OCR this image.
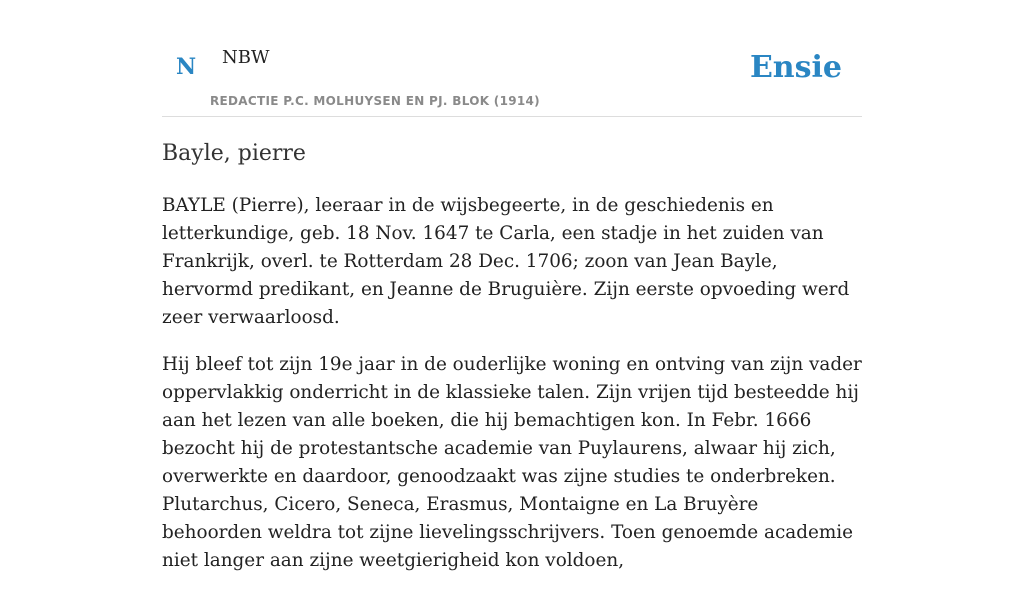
N NBW
REDACTIE P.C. MOLHUYSEN EN PJ. BLOK (1914)
Ensie
Bayle, pierre

BAYLE (Pierre), leeraar in de wijsbegeerte, in de geschiedenis en letterkundige, geb. 18 Nov. 1647 te Carla, een stadje in het zuiden van Frankrijk, overl. te Rotterdam 28 Dec. 1706; zoon van Jean Bayle, hervormd predikant, en Jeanne de Bruguière. Zijn eerste opvoeding werd zeer verwaarloosd.

Hij bleef tot zijn 19e jaar in de ouderlijke woning en ontving van zijn vader oppervlakkig onderricht in de klassieke talen. Zijn vrijen tijd besteedde hij aan het lezen van alle boeken, die hij bemachtigen kon. In Febr. 1666 bezocht hij de protestantsche academie van Puylaurens, alwaar hij zich, overwerkte en daardoor, genoodzaakt was zijne studies te onderbreken. Plutarchus, Cicero, Seneca, Erasmus, Montaigne en La Bruyère behoorden weldra tot zijne lievelingsschrijvers. Toen genoemde academie niet langer aan zijne weetgierigheid kon voldoen,
